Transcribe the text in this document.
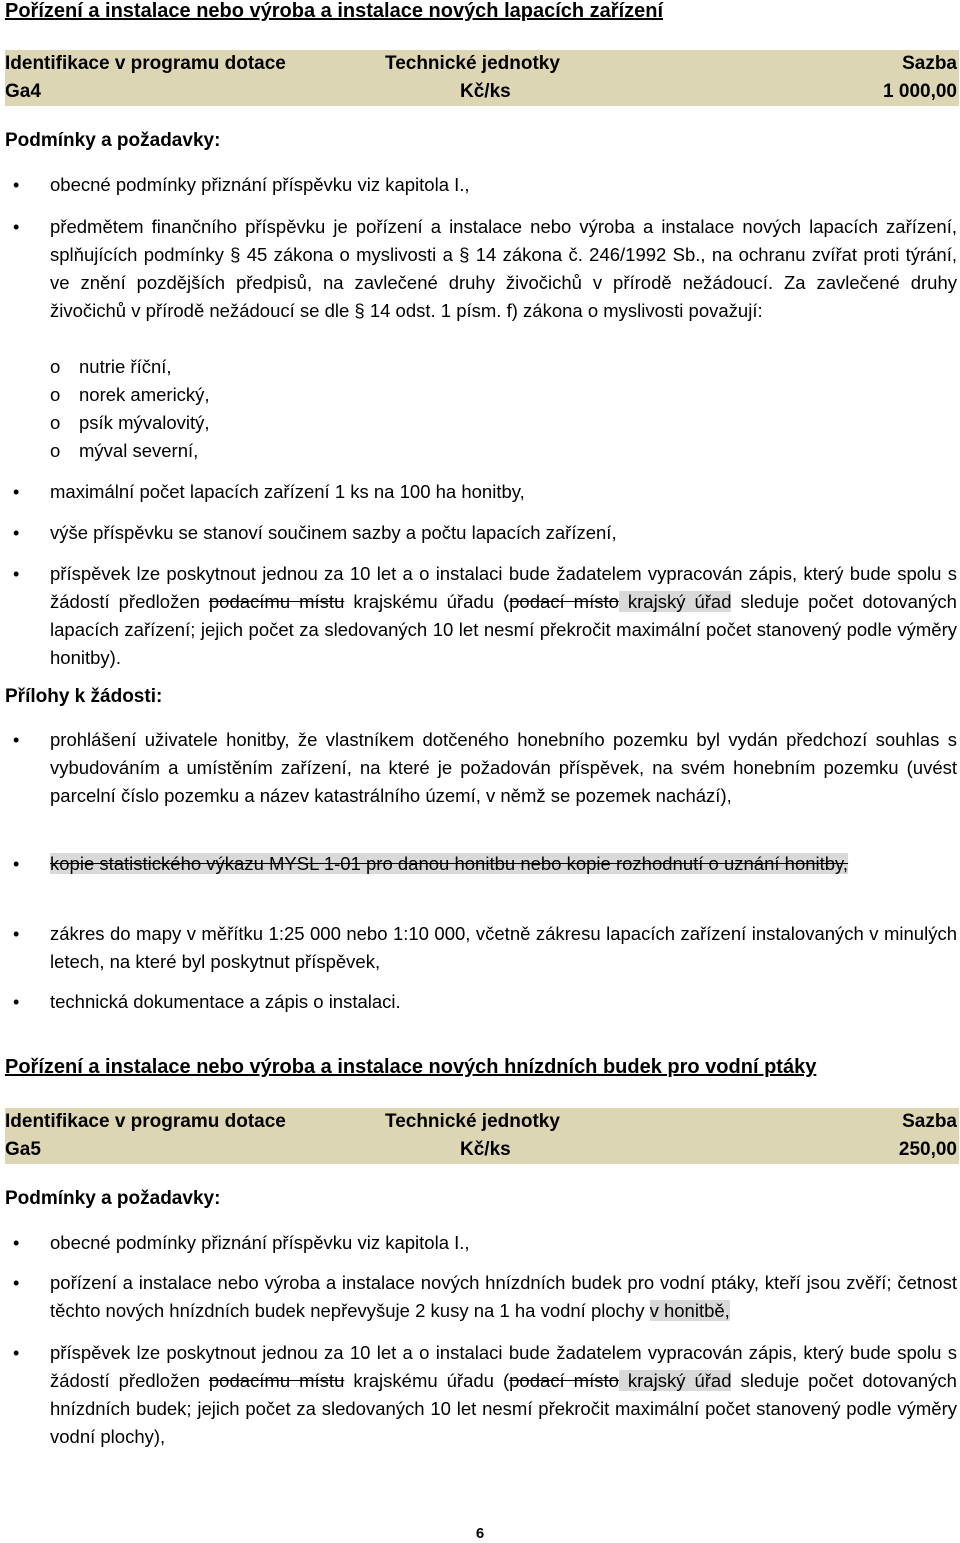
Pořízení a instalace nebo výroba a instalace nových lapacích zařízení
Identifikace v programu dotace	Technické jednotky	Sazba
Ga4	Kč/ks	1 000,00
Podmínky a požadavky:
• obecné podmínky přiznání příspěvku viz kapitola I.,
• předmětem finančního příspěvku je pořízení a instalace nebo výroba a instalace nových lapacích zařízení, splňujících podmínky § 45 zákona o myslivosti a § 14 zákona č. 246/1992 Sb., na ochranu zvířat proti týrání, ve znění pozdějších předpisů, na zavlečené druhy živočichů v přírodě nežádoucí. Za zavlečené druhy živočichů v přírodě nežádoucí se dle § 14 odst. 1 písm. f) zákona o myslivosti považují:
o nutrie říční,
o norek americký,
o psík mývalovitý,
o mýval severní,
• maximální počet lapacích zařízení 1 ks na 100 ha honitby,
• výše příspěvku se stanoví součinem sazby a počtu lapacích zařízení,
• příspěvek lze poskytnout jednou za 10 let a o instalaci bude žadatelem vypracován zápis, který bude spolu s žádostí předložen podacímu místu krajskému úřadu (podací místo krajský úřad sleduje počet dotovaných lapacích zařízení; jejich počet za sledovaných 10 let nesmí překročit maximální počet stanovený podle výměry honitby).
Přílohy k žádosti:
• prohlášení uživatele honitby, že vlastníkem dotčeného honebního pozemku byl vydán předchozí souhlas s vybudováním a umístěním zařízení, na které je požadován příspěvek, na svém honebním pozemku (uvést parcelní číslo pozemku a název katastrálního území, v němž se pozemek nachází),
• kopie statistického výkazu MYSL 1-01 pro danou honitbu nebo kopie rozhodnutí o uznání honitby,
• zákres do mapy v měřítku 1:25 000 nebo 1:10 000, včetně zákresu lapacích zařízení instalovaných v minulých letech, na které byl poskytnut příspěvek,
• technická dokumentace a zápis o instalaci.
Pořízení a instalace nebo výroba a instalace nových hnízdních budek pro vodní ptáky
Identifikace v programu dotace	Technické jednotky	Sazba
Ga5	Kč/ks	250,00
Podmínky a požadavky:
• obecné podmínky přiznání příspěvku viz kapitola I.,
• pořízení a instalace nebo výroba a instalace nových hnízdních budek pro vodní ptáky, kteří jsou zvěří; četnost těchto nových hnízdních budek nepřevyšuje 2 kusy na 1 ha vodní plochy v honitbě,
• příspěvek lze poskytnout jednou za 10 let a o instalaci bude žadatelem vypracován zápis, který bude spolu s žádostí předložen podacímu místu krajskému úřadu (podací místo krajský úřad sleduje počet dotovaných hnízdních budek; jejich počet za sledovaných 10 let nesmí překročit maximální počet stanovený podle výměry vodní plochy),
6
